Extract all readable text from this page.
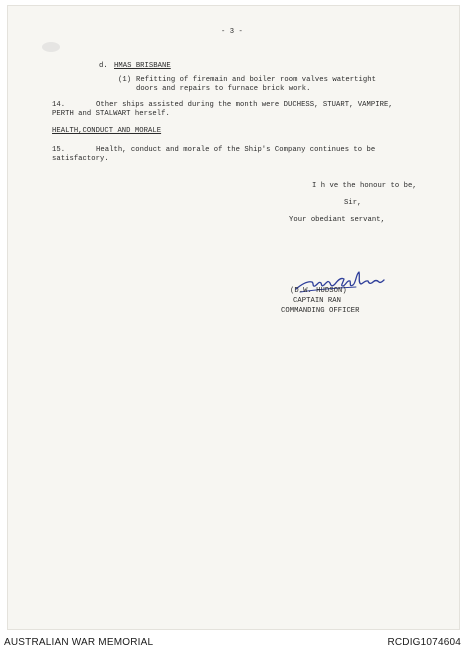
- 3 -
d. HMAS BRISBANE
(1) Refitting of firemain and boiler room valves watertight
doors and repairs to furnace brick work.
14.	Other ships assisted during the month were DUCHESS, STUART, VAMPIRE,
PERTH and STALWART herself.
HEALTH,CONDUCT AND MORALE
15.	Health, conduct and morale of the Ship's Company continues to be
satisfactory.
I h ve the honour to be,
Sir,
Your obediant servant,
(D.W. HUDSON)
CAPTAIN RAN
COMMANDING OFFICER
AUSTRALIAN WAR MEMORIAL	RCDIG1074604
